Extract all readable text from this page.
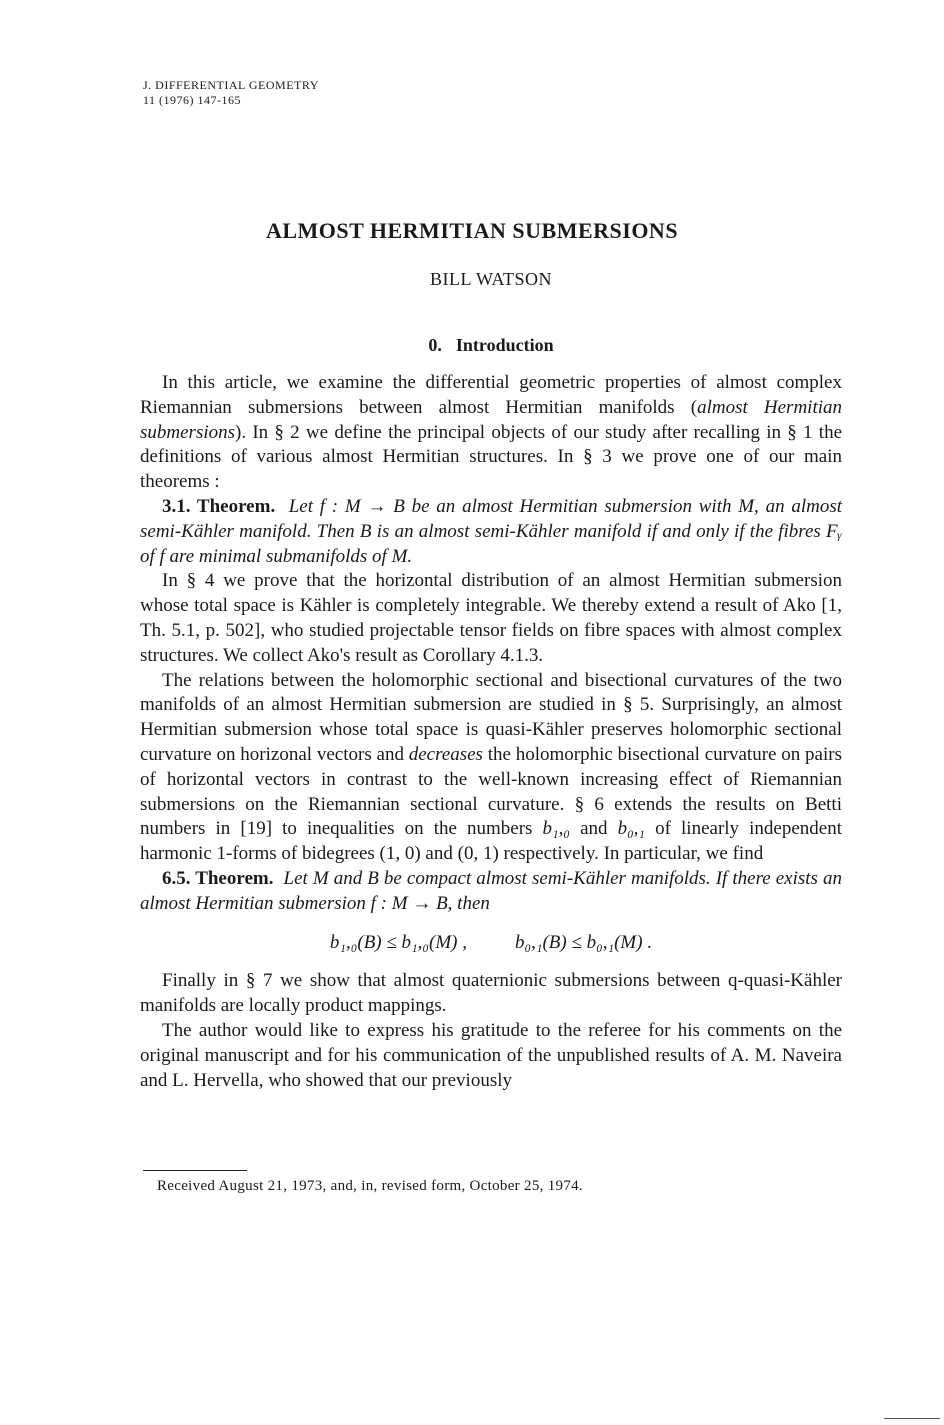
J. DIFFERENTIAL GEOMETRY
11 (1976) 147-165
ALMOST HERMITIAN SUBMERSIONS
BILL WATSON
0. Introduction

In this article, we examine the differential geometric properties of almost complex Riemannian submersions between almost Hermitian manifolds (almost Hermitian submersions). In § 2 we define the principal objects of our study after recalling in § 1 the definitions of various almost Hermitian structures. In § 3 we prove one of our main theorems :

3.1. Theorem. Let f : M → B be an almost Hermitian submersion with M, an almost semi-Kähler manifold. Then B is an almost semi-Kähler manifold if and only if the fibres Fᵧ of f are minimal submanifolds of M.

In § 4 we prove that the horizontal distribution of an almost Hermitian submersion whose total space is Kähler is completely integrable. We thereby extend a result of Ako [1, Th. 5.1, p. 502], who studied projectable tensor fields on fibre spaces with almost complex structures. We collect Ako's result as Corollary 4.1.3.

The relations between the holomorphic sectional and bisectional curvatures of the two manifolds of an almost Hermitian submersion are studied in § 5. Surprisingly, an almost Hermitian submersion whose total space is quasi-Kähler preserves holomorphic sectional curvature on horizonal vectors and decreases the holomorphic bisectional curvature on pairs of horizontal vectors in contrast to the well-known increasing effect of Riemannian submersions on the Riemannian sectional curvature. § 6 extends the results on Betti numbers in [19] to inequalities on the numbers b₁,₀ and b₀,₁ of linearly independent harmonic 1-forms of bidegrees (1, 0) and (0, 1) respectively. In particular, we find

6.5. Theorem. Let M and B be compact almost semi-Kähler manifolds. If there exists an almost Hermitian submersion f : M → B, then

b₁,₀(B) ≤ b₁,₀(M) ,	b₀,₁(B) ≤ b₀,₁(M) .

Finally in § 7 we show that almost quaternionic submersions between q-quasi-Kähler manifolds are locally product mappings.

The author would like to express his gratitude to the referee for his comments on the original manuscript and for his communication of the unpublished results of A. M. Naveira and L. Hervella, who showed that our previously

Received August 21, 1973, and, in, revised form, October 25, 1974.
